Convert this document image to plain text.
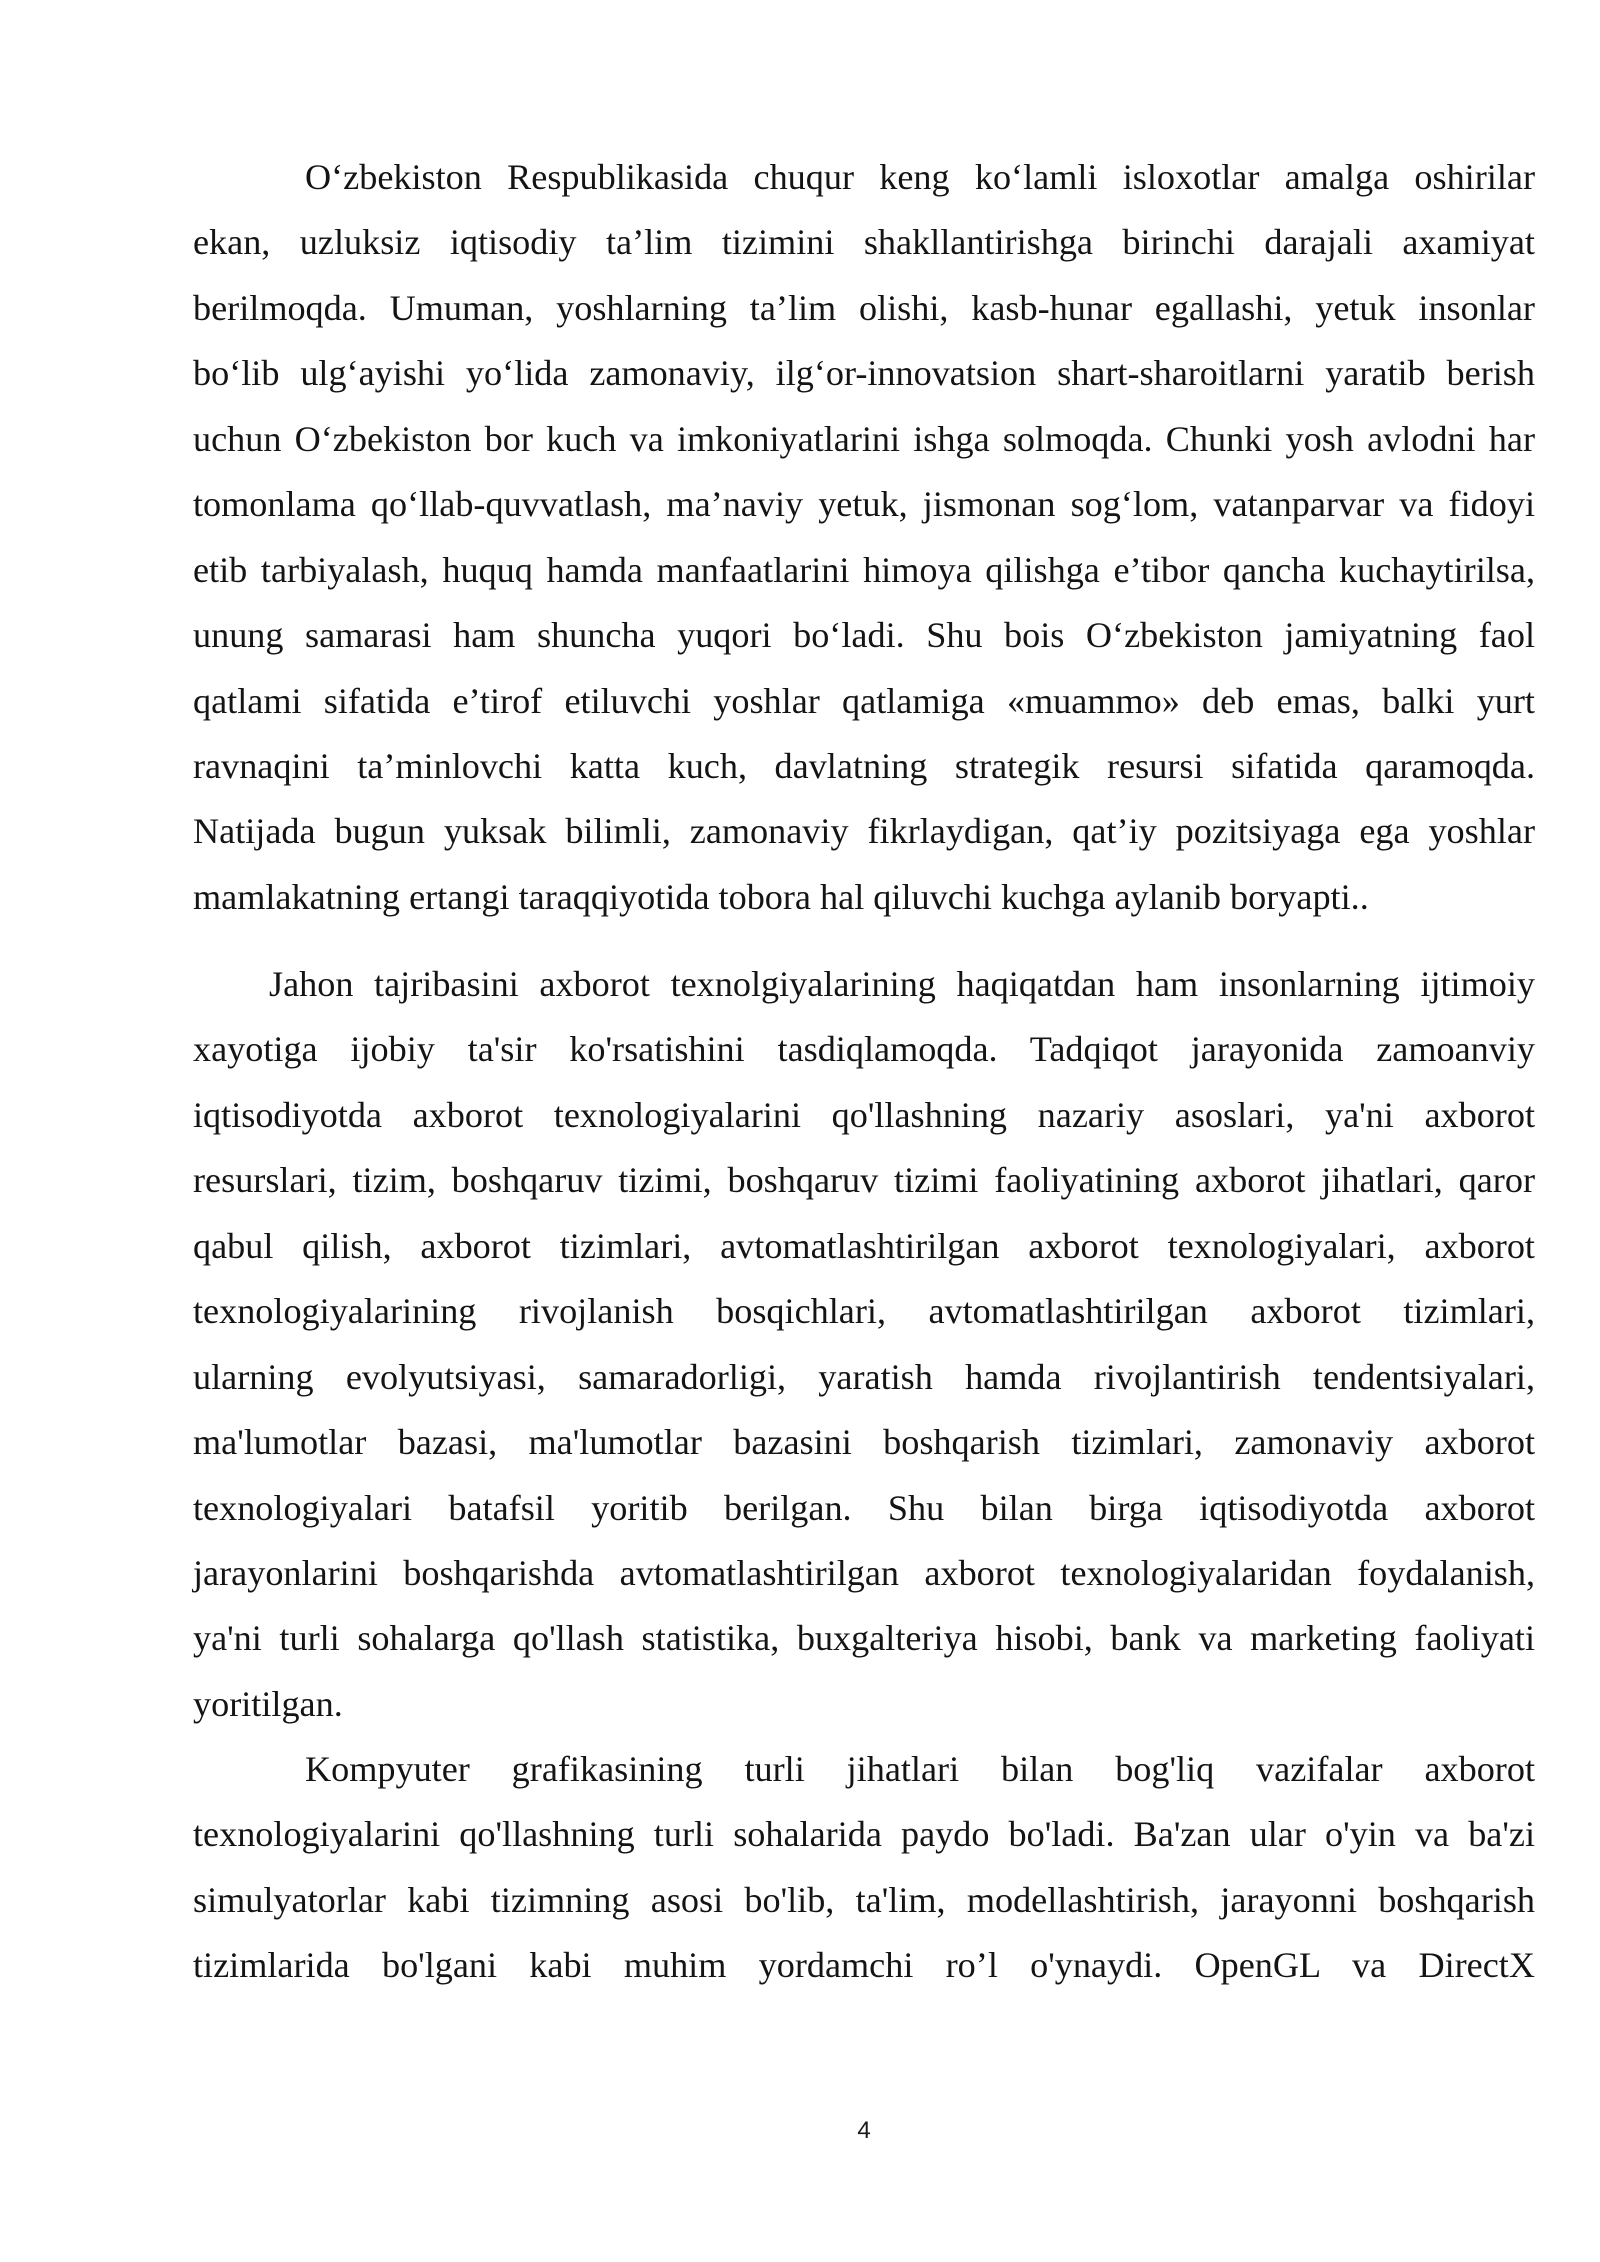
O‘zbekiston Respublikasida chuqur keng ko‘lamli isloxotlar amalga oshirilar
ekan, uzluksiz iqtisodiy ta’lim tizimini shakllantirishga birinchi darajali axamiyat
berilmoqda. Umuman, yoshlarning ta’lim olishi, kasb-hunar egallashi, yetuk insonlar
bo‘lib ulg‘ayishi yo‘lida zamonaviy, ilg‘or-innovatsion shart-sharoitlarni yaratib berish
uchun O‘zbekiston bor kuch va imkoniyatlarini ishga solmoqda. Chunki yosh avlodni har
tomonlama qo‘llab-quvvatlash, ma’naviy yetuk, jismonan sog‘lom, vatanparvar va fidoyi
etib tarbiyalash, huquq hamda manfaatlarini himoya qilishga e’tibor qancha kuchaytirilsa,
unung samarasi ham shuncha yuqori bo‘ladi. Shu bois O‘zbekiston jamiyatning faol
qatlami sifatida e’tirof etiluvchi yoshlar qatlamiga «muammo» deb emas, balki yurt
ravnaqini ta’minlovchi katta kuch, davlatning strategik resursi sifatida qaramoqda.
Natijada bugun yuksak bilimli, zamonaviy fikrlaydigan, qat’iy pozitsiyaga ega yoshlar
mamlakatning ertangi taraqqiyotida tobora hal qiluvchi kuchga aylanib boryapti..
Jahon tajribasini axborot texnolgiyalarining haqiqatdan ham insonlarning ijtimoiy
xayotiga ijobiy ta'sir ko'rsatishini tasdiqlamoqda. Tadqiqot jarayonida zamoanviy
iqtisodiyotda axborot texnologiyalarini qo'llashning nazariy asoslari, ya'ni axborot
resurslari, tizim, boshqaruv tizimi, boshqaruv tizimi faoliyatining axborot jihatlari, qaror
qabul qilish, axborot tizimlari, avtomatlashtirilgan axborot texnologiyalari, axborot
texnologiyalarining rivojlanish bosqichlari, avtomatlashtirilgan axborot tizimlari,
ularning evolyutsiyasi, samaradorligi, yaratish hamda rivojlantirish tendentsiyalari,
ma'lumotlar bazasi, ma'lumotlar bazasini boshqarish tizimlari, zamonaviy axborot
texnologiyalari batafsil yoritib berilgan. Shu bilan birga iqtisodiyotda axborot
jarayonlarini boshqarishda avtomatlashtirilgan axborot texnologiyalaridan foydalanish,
ya'ni turli sohalarga qo'llash statistika, buxgalteriya hisobi, bank va marketing faoliyati
yoritilgan.
Kompyuter grafikasining turli jihatlari bilan bog'liq vazifalar axborot
texnologiyalarini qo'llashning turli sohalarida paydo bo'ladi. Ba'zan ular o'yin va ba'zi
simulyatorlar kabi tizimning asosi bo'lib, ta'lim, modellashtirish, jarayonni boshqarish
tizimlarida bo'lgani kabi muhim yordamchi ro’l o'ynaydi. OpenGL va DirectX
4
